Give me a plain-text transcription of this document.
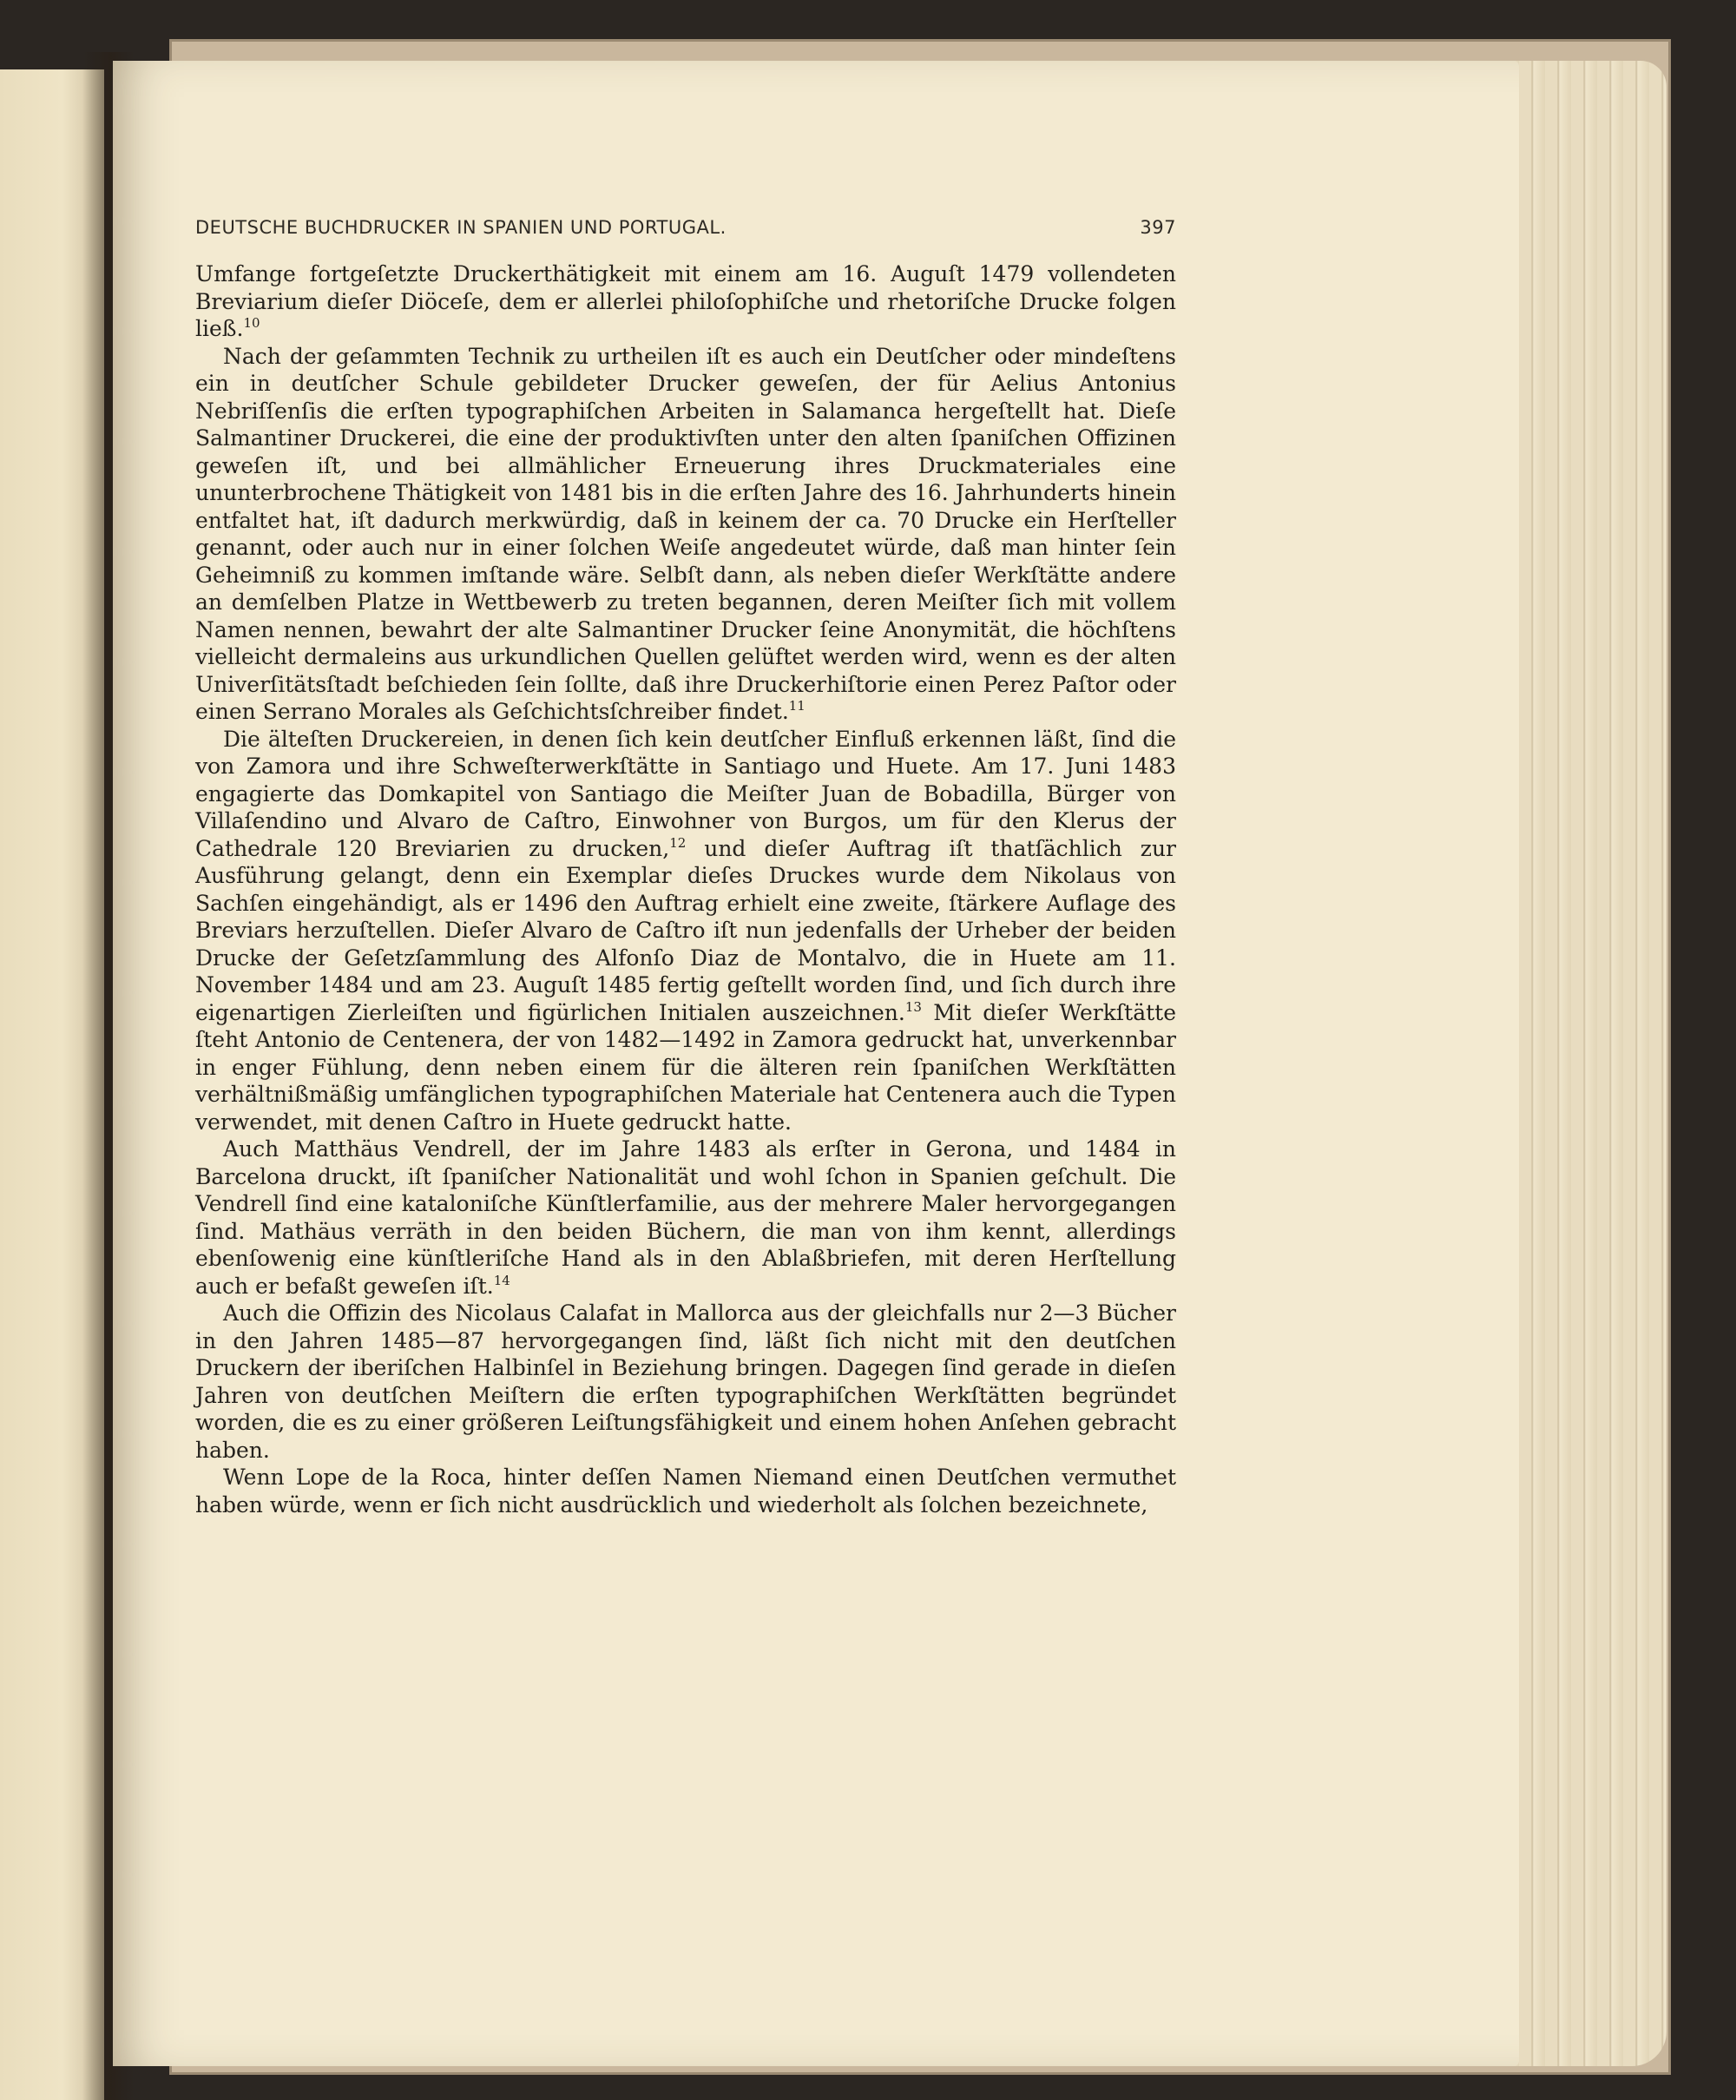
DEUTSCHE BUCHDRUCKER IN SPANIEN UND PORTUGAL.	397

Umfange fortgeſetzte Druckerthätigkeit mit einem am 16. Auguſt 1479 vollendeten Breviarium dieſer Diöceſe, dem er allerlei philoſophiſche und rhetoriſche Drucke folgen ließ.$^{10}$

Nach der geſammten Technik zu urtheilen iſt es auch ein Deutſcher oder mindeſtens ein in deutſcher Schule gebildeter Drucker geweſen, der für Aelius Antonius Nebriſſenſis die erſten typographiſchen Arbeiten in Salamanca hergeſtellt hat. Dieſe Salmantiner Druckerei, die eine der produktivſten unter den alten ſpaniſchen Offizinen geweſen iſt, und bei allmählicher Erneuerung ihres Druckmateriales eine ununterbrochene Thätigkeit von 1481 bis in die erſten Jahre des 16. Jahrhunderts hinein entfaltet hat, iſt dadurch merkwürdig, daß in keinem der ca. 70 Drucke ein Herſteller genannt, oder auch nur in einer ſolchen Weiſe angedeutet würde, daß man hinter ſein Geheimniß zu kommen imſtande wäre. Selbſt dann, als neben dieſer Werkſtätte andere an demſelben Platze in Wettbewerb zu treten begannen, deren Meiſter ſich mit vollem Namen nennen, bewahrt der alte Salmantiner Drucker ſeine Anonymität, die höchſtens vielleicht dermaleins aus urkundlichen Quellen gelüftet werden wird, wenn es der alten Univerſitätsſtadt beſchieden ſein ſollte, daß ihre Druckerhiſtorie einen Perez Paſtor oder einen Serrano Morales als Geſchichtsſchreiber findet.$^{11}$

Die älteſten Druckereien, in denen ſich kein deutſcher Einfluß erkennen läßt, ſind die von Zamora und ihre Schweſterwerkſtätte in Santiago und Huete. Am 17. Juni 1483 engagierte das Domkapitel von Santiago die Meiſter Juan de Bobadilla, Bürger von Villaſendino und Alvaro de Caſtro, Einwohner von Burgos, um für den Klerus der Cathedrale 120 Breviarien zu drucken,$^{12}$ und dieſer Auftrag iſt thatſächlich zur Ausführung gelangt, denn ein Exemplar dieſes Druckes wurde dem Nikolaus von Sachſen eingehändigt, als er 1496 den Auftrag erhielt eine zweite, ſtärkere Auflage des Breviars herzuſtellen. Dieſer Alvaro de Caſtro iſt nun jedenfalls der Urheber der beiden Drucke der Geſetzſammlung des Alfonſo Diaz de Montalvo, die in Huete am 11. November 1484 und am 23. Auguſt 1485 fertig geſtellt worden ſind, und ſich durch ihre eigenartigen Zierleiſten und figürlichen Initialen auszeichnen.$^{13}$ Mit dieſer Werkſtätte ſteht Antonio de Centenera, der von 1482—1492 in Zamora gedruckt hat, unverkennbar in enger Fühlung, denn neben einem für die älteren rein ſpaniſchen Werkſtätten verhältnißmäßig umfänglichen typographiſchen Materiale hat Centenera auch die Typen verwendet, mit denen Caſtro in Huete gedruckt hatte.

Auch Matthäus Vendrell, der im Jahre 1483 als erſter in Gerona, und 1484 in Barcelona druckt, iſt ſpaniſcher Nationalität und wohl ſchon in Spanien geſchult. Die Vendrell ſind eine kataloniſche Künſtlerfamilie, aus der mehrere Maler hervorgegangen ſind. Mathäus verräth in den beiden Büchern, die man von ihm kennt, allerdings ebenſowenig eine künſtleriſche Hand als in den Ablaßbriefen, mit deren Herſtellung auch er befaßt geweſen iſt.$^{14}$

Auch die Offizin des Nicolaus Calafat in Mallorca aus der gleichfalls nur 2—3 Bücher in den Jahren 1485—87 hervorgegangen ſind, läßt ſich nicht mit den deutſchen Druckern der iberiſchen Halbinſel in Beziehung bringen. Dagegen ſind gerade in dieſen Jahren von deutſchen Meiſtern die erſten typographiſchen Werkſtätten begründet worden, die es zu einer größeren Leiſtungsfähigkeit und einem hohen Anſehen gebracht haben.

Wenn Lope de la Roca, hinter deſſen Namen Niemand einen Deutſchen vermuthet haben würde, wenn er ſich nicht ausdrücklich und wiederholt als ſolchen bezeichnete,
